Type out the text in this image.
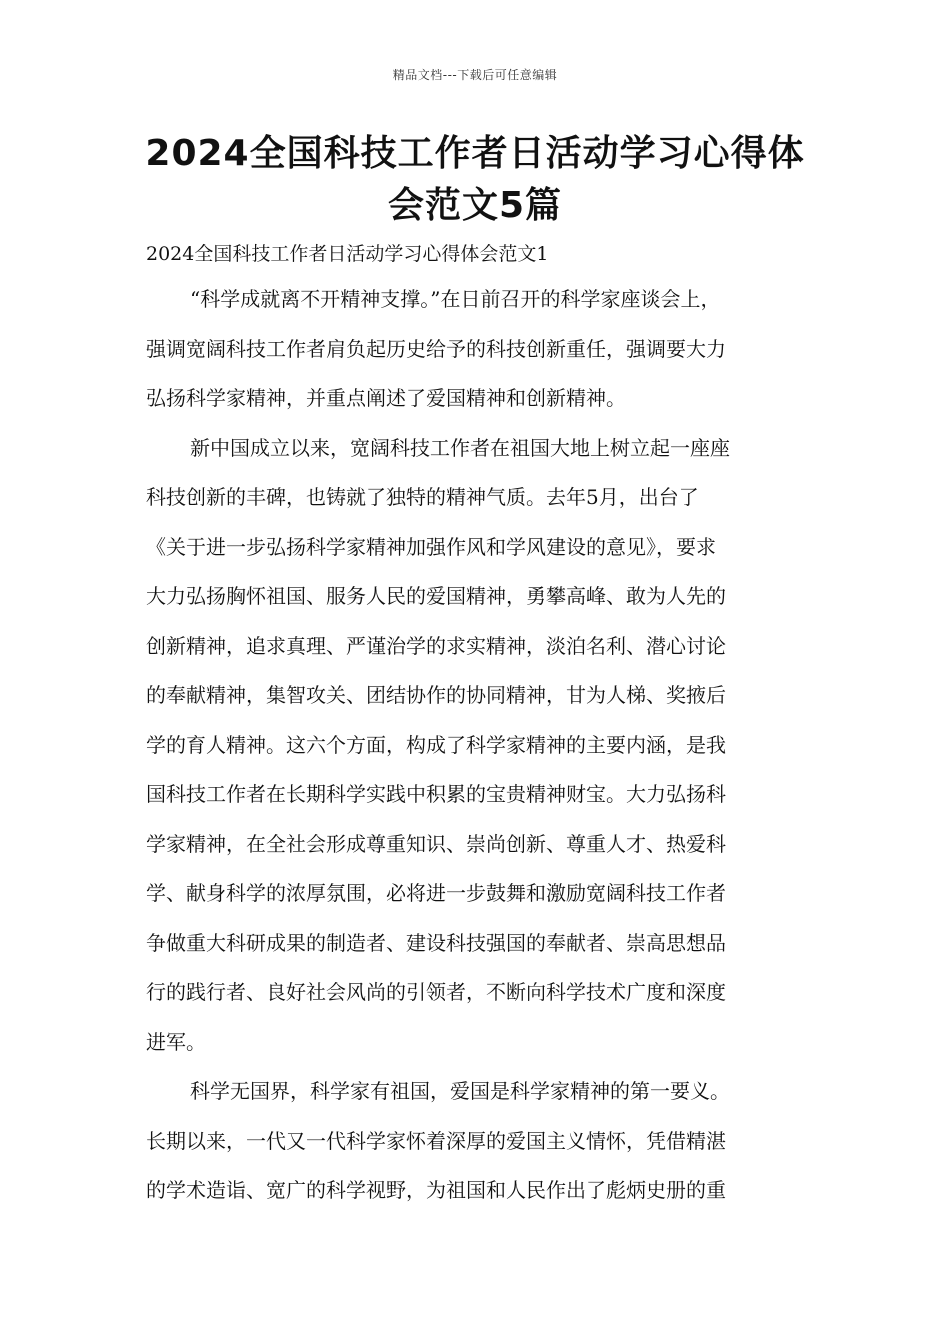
精品文档---下载后可任意编辑
2024全国科技工作者日活动学习心得体
会范文5篇
2024全国科技工作者日活动学习心得体会范文1

“科学成就离不开精神支撑。”在日前召开的科学家座谈会上，
强调宽阔科技工作者肩负起历史给予的科技创新重任，强调要大力
弘扬科学家精神，并重点阐述了爱国精神和创新精神。

新中国成立以来，宽阔科技工作者在祖国大地上树立起一座座
科技创新的丰碑，也铸就了独特的精神气质。去年5月，出台了
《关于进一步弘扬科学家精神加强作风和学风建设的意见》，要求
大力弘扬胸怀祖国、服务人民的爱国精神，勇攀高峰、敢为人先的
创新精神，追求真理、严谨治学的求实精神，淡泊名利、潜心讨论
的奉献精神，集智攻关、团结协作的协同精神，甘为人梯、奖掖后
学的育人精神。这六个方面，构成了科学家精神的主要内涵，是我
国科技工作者在长期科学实践中积累的宝贵精神财宝。大力弘扬科
学家精神，在全社会形成尊重知识、崇尚创新、尊重人才、热爱科
学、献身科学的浓厚氛围，必将进一步鼓舞和激励宽阔科技工作者
争做重大科研成果的制造者、建设科技强国的奉献者、崇高思想品
行的践行者、良好社会风尚的引领者，不断向科学技术广度和深度
进军。

科学无国界，科学家有祖国，爱国是科学家精神的第一要义。
长期以来，一代又一代科学家怀着深厚的爱国主义情怀，凭借精湛
的学术造诣、宽广的科学视野，为祖国和人民作出了彪炳史册的重
